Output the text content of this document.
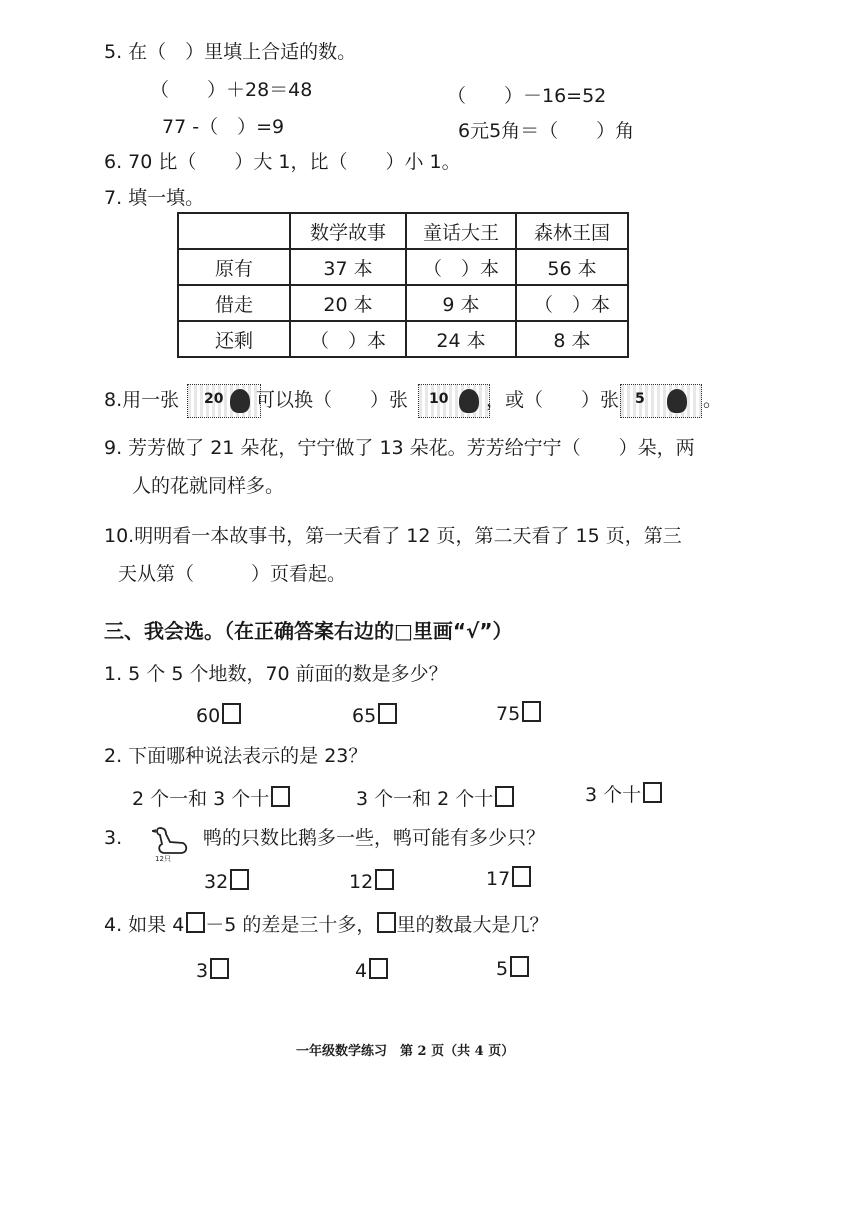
5. 在（　）里填上合适的数。
（　　）＋28＝48	（　　）－16=52
77 -（　）=9	6元5角＝（　　）角
6. 70 比（　　）大 1，比（　　）小 1。
7. 填一填。
	数学故事	童话大王	森林王国
原有	37 本	（　）本	56 本
借走	20 本	9 本	（　）本
还剩	（　）本	24 本	8 本
8.用一张 20 可以换（　　）张 10 ，或（　　）张 5	。
9. 芳芳做了 21 朵花，宁宁做了 13 朵花。芳芳给宁宁（　　）朵，两
人的花就同样多。
10.明明看一本故事书，第一天看了 12 页，第二天看了 15 页，第三
天从第（　　　）页看起。
三、我会选。（在正确答案右边的□里画“√”）
1. 5 个 5 个地数，70 前面的数是多少？
60	65	75
2. 下面哪种说法表示的是 23？
2 个一和 3 个十	3 个一和 2 个十	3 个十
3.
12只
鸭的只数比鹅多一些，鸭可能有多少只？
32	12	17
4. 如果 4 －5 的差是三十多， 里的数最大是几？
3	4	5
一年级数学练习　第 2 页（共 4 页）
